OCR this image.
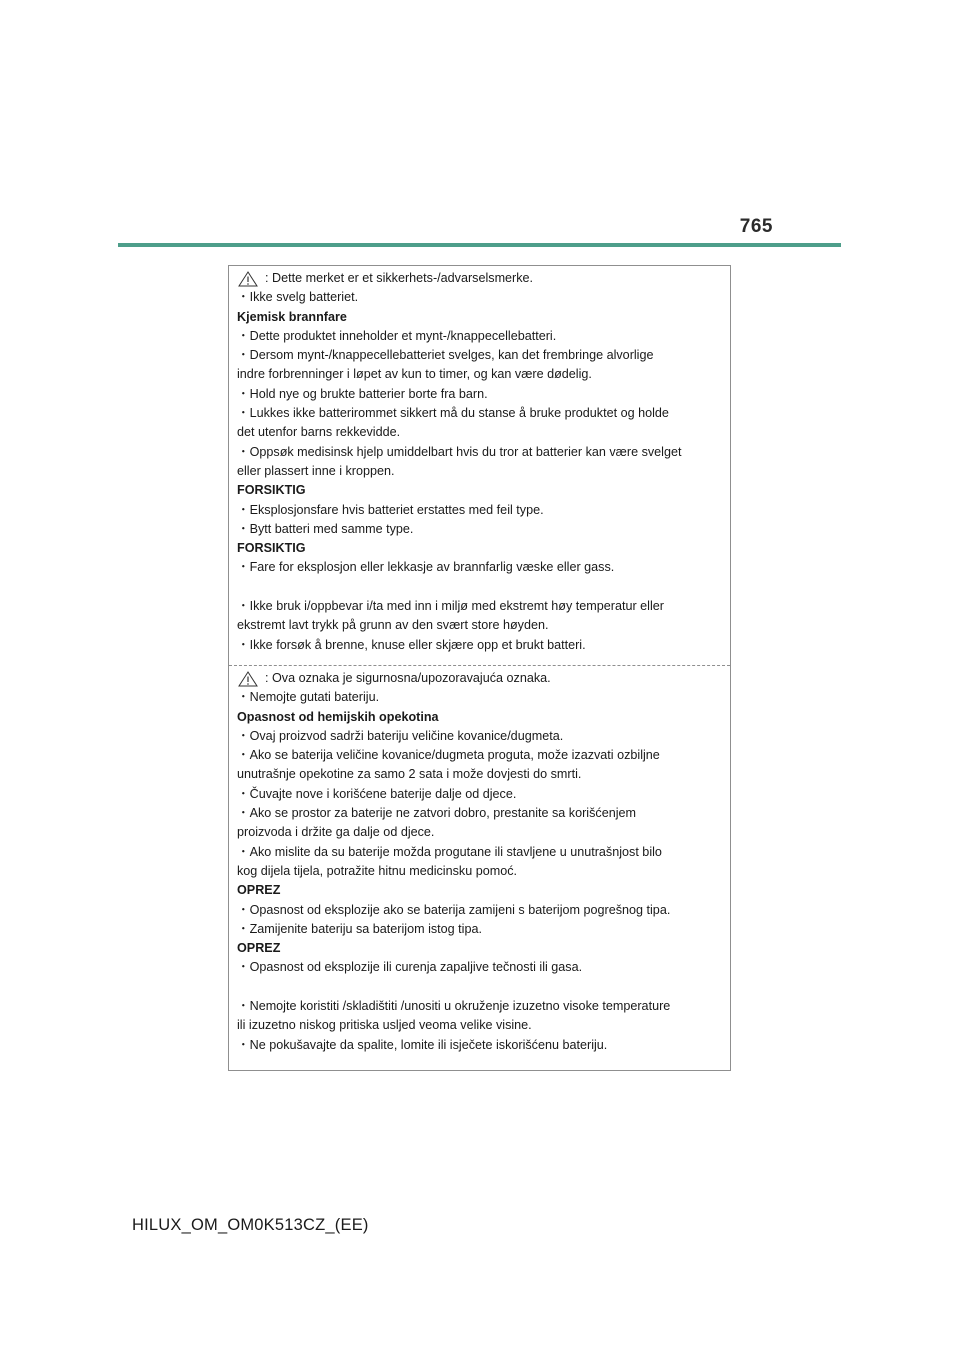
765
: Dette merket er et sikkerhets-/advarselsmerke.
・Ikke svelg batteriet.
Kjemisk brannfare
・Dette produktet inneholder et mynt-/knappecellebatteri.
・Dersom mynt-/knappecellebatteriet svelges, kan det frembringe alvorlige
indre forbrenninger i løpet av kun to timer, og kan være dødelig.
・Hold nye og brukte batterier borte fra barn.
・Lukkes ikke batterirommet sikkert må du stanse å bruke produktet og holde
det utenfor barns rekkevidde.
・Oppsøk medisinsk hjelp umiddelbart hvis du tror at batterier kan være svelget
eller plassert inne i kroppen.
FORSIKTIG
・Eksplosjonsfare hvis batteriet erstattes med feil type.
・Bytt batteri med samme type.
FORSIKTIG
・Fare for eksplosjon eller lekkasje av brannfarlig væske eller gass.
・Ikke bruk i/oppbevar i/ta med inn i miljø med ekstremt høy temperatur eller
ekstremt lavt trykk på grunn av den svært store høyden.
・Ikke forsøk å brenne, knuse eller skjære opp et brukt batteri.
: Ova oznaka je sigurnosna/upozoravajuća oznaka.
・Nemojte gutati bateriju.
Opasnost od hemijskih opekotina
・Ovaj proizvod sadrži bateriju veličine kovanice/dugmeta.
・Ako se baterija veličine kovanice/dugmeta proguta, može izazvati ozbiljne
unutrašnje opekotine za samo 2 sata i može dovjesti do smrti.
・Čuvajte nove i korišćene baterije dalje od djece.
・Ako se prostor za baterije ne zatvori dobro, prestanite sa korišćenjem
proizvoda i držite ga dalje od djece.
・Ako mislite da su baterije možda progutane ili stavljene u unutrašnjost bilo
kog dijela tijela, potražite hitnu medicinsku pomoć.
OPREZ
・Opasnost od eksplozije ako se baterija zamijeni s baterijom pogrešnog tipa.
・Zamijenite bateriju sa baterijom istog tipa.
OPREZ
・Opasnost od eksplozije ili curenja zapaljive tečnosti ili gasa.
・Nemojte koristiti /skladištiti /unositi u okruženje izuzetno visoke temperature
ili izuzetno niskog pritiska usljed veoma velike visine.
・Ne pokušavajte da spalite, lomite ili isječete iskorišćenu bateriju.
HILUX_OM_OM0K513CZ_(EE)
